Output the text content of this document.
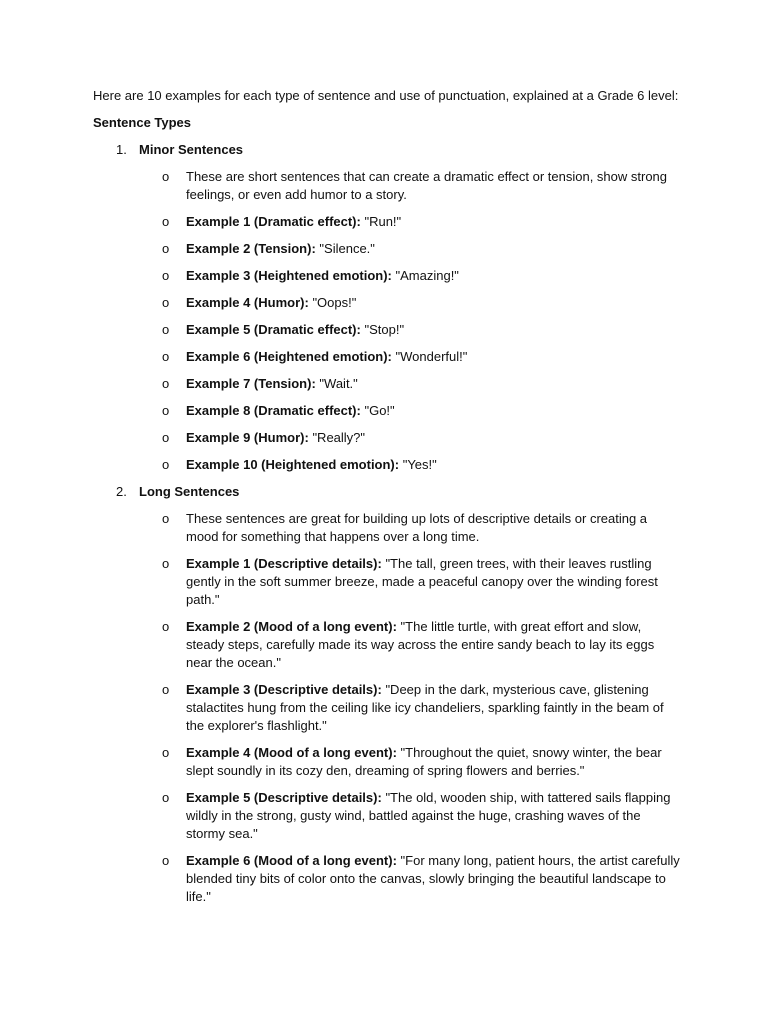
Here are 10 examples for each type of sentence and use of punctuation, explained at a Grade 6 level:

Sentence Types

1. Minor Sentences
o These are short sentences that can create a dramatic effect or tension, show strong feelings, or even add humor to a story.
o Example 1 (Dramatic effect): "Run!"
o Example 2 (Tension): "Silence."
o Example 3 (Heightened emotion): "Amazing!"
o Example 4 (Humor): "Oops!"
o Example 5 (Dramatic effect): "Stop!"
o Example 6 (Heightened emotion): "Wonderful!"
o Example 7 (Tension): "Wait."
o Example 8 (Dramatic effect): "Go!"
o Example 9 (Humor): "Really?"
o Example 10 (Heightened emotion): "Yes!"
2. Long Sentences
o These sentences are great for building up lots of descriptive details or creating a mood for something that happens over a long time.
o Example 1 (Descriptive details): "The tall, green trees, with their leaves rustling gently in the soft summer breeze, made a peaceful canopy over the winding forest path."
o Example 2 (Mood of a long event): "The little turtle, with great effort and slow, steady steps, carefully made its way across the entire sandy beach to lay its eggs near the ocean."
o Example 3 (Descriptive details): "Deep in the dark, mysterious cave, glistening stalactites hung from the ceiling like icy chandeliers, sparkling faintly in the beam of the explorer's flashlight."
o Example 4 (Mood of a long event): "Throughout the quiet, snowy winter, the bear slept soundly in its cozy den, dreaming of spring flowers and berries."
o Example 5 (Descriptive details): "The old, wooden ship, with tattered sails flapping wildly in the strong, gusty wind, battled against the huge, crashing waves of the stormy sea."
o Example 6 (Mood of a long event): "For many long, patient hours, the artist carefully blended tiny bits of color onto the canvas, slowly bringing the beautiful landscape to life."
